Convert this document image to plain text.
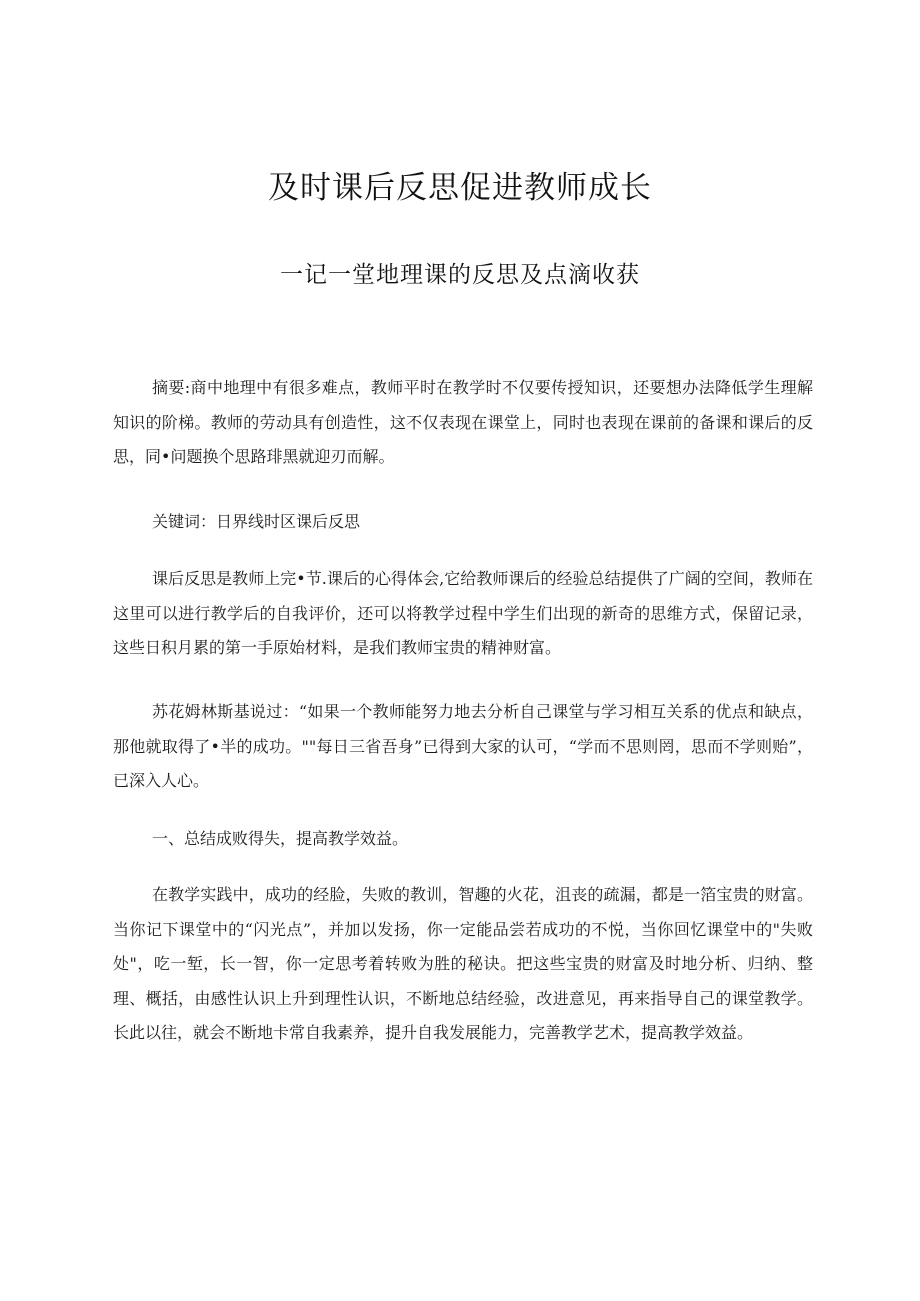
及时课后反思促进教师成长
一记一堂地理课的反思及点滴收获

摘要:商中地理中有很多难点，教师平时在教学时不仅要传授知识，还要想办法降低学生理解知识的阶梯。教师的劳动具有创造性，这不仅表现在课堂上，同时也表现在课前的备课和课后的反思，同•问题换个思路琲黑就迎刃而解。

关键词：日界线时区课后反思

课后反思是教师上完•节.课后的心得体会,它给教师课后的经验总结提供了广阔的空间，教师在这里可以进行教学后的自我评价，还可以将教学过程中学生们出现的新奇的思维方式，保留记录，这些日积月累的第一手原始材料，是我们教师宝贵的精神财富。

苏花姆林斯基说过：“如果一个教师能努力地去分析自己课堂与学习相互关系的优点和缺点，那他就取得了•半的成功。""每日三省吾身”已得到大家的认可，“学而不思则罔，思而不学则贻”，已深入人心。

一、总结成败得失，提高教学效益。

在教学实践中，成功的经脸，失败的教训，智趣的火花，沮丧的疏漏，都是一箔宝贵的财富。当你记下课堂中的“闪光点”，并加以发扬，你一定能品尝若成功的不悦，当你回忆课堂中的"失败处"，吃一堑，长一智，你一定思考着转败为胜的秘诀。把这些宝贵的财富及时地分析、归纳、整理、概括，由感性认识上升到理性认识，不断地总结经验，改进意见，再来指导自己的课堂教学。长此以往，就会不断地卡常自我素养，提升自我发展能力，完善教学艺术，提高教学效益。
